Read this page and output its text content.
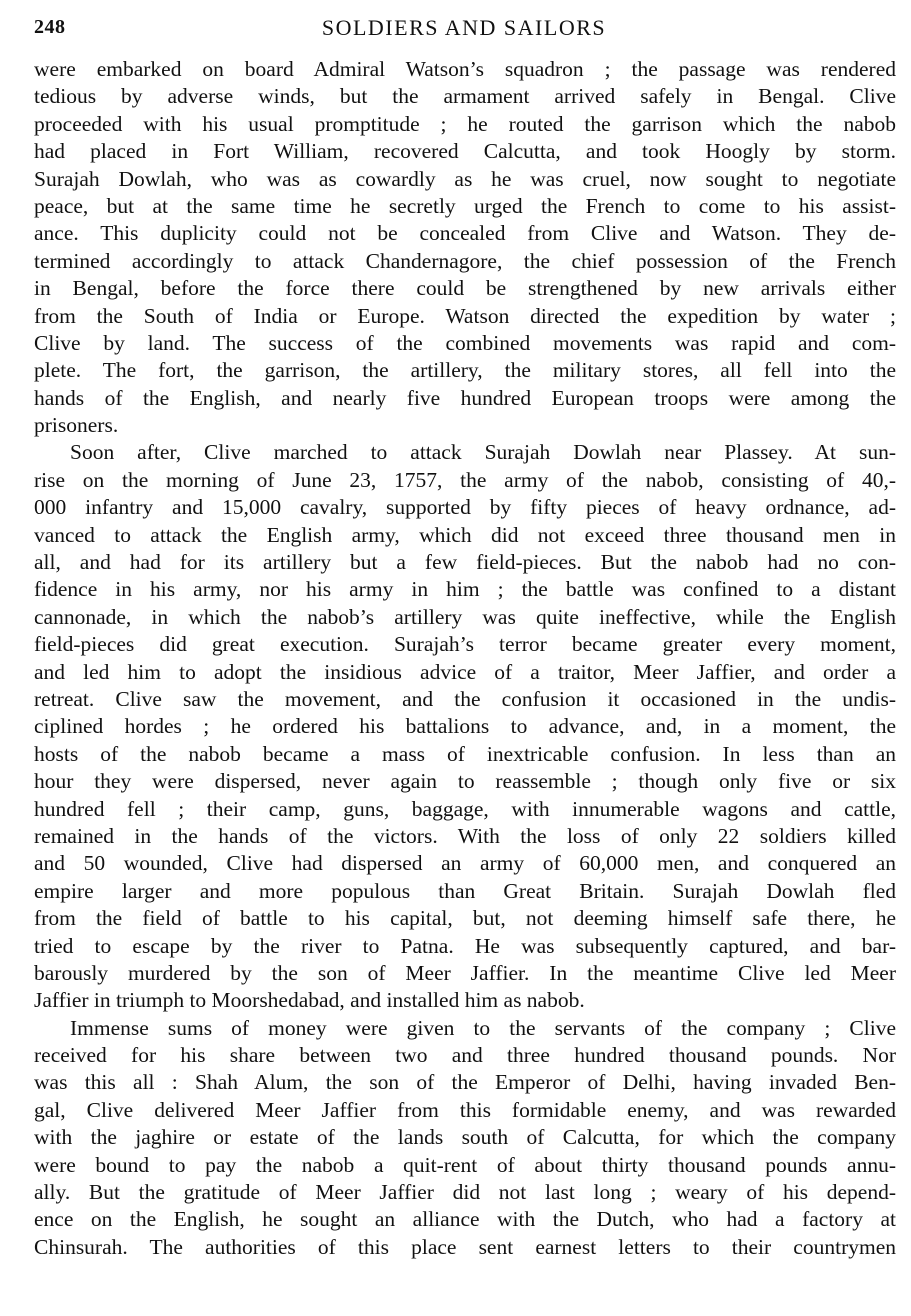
248	SOLDIERS AND SAILORS
were embarked on board Admiral Watson’s squadron ; the passage was rendered
tedious by adverse winds, but the armament arrived safely in Bengal. Clive
proceeded with his usual promptitude ; he routed the garrison which the nabob
had placed in Fort William, recovered Calcutta, and took Hoogly by storm.
Surajah Dowlah, who was as cowardly as he was cruel, now sought to negotiate
peace, but at the same time he secretly urged the French to come to his assist-
ance. This duplicity could not be concealed from Clive and Watson. They de-
termined accordingly to attack Chandernagore, the chief possession of the French
in Bengal, before the force there could be strengthened by new arrivals either
from the South of India or Europe. Watson directed the expedition by water ;
Clive by land. The success of the combined movements was rapid and com-
plete. The fort, the garrison, the artillery, the military stores, all fell into the
hands of the English, and nearly five hundred European troops were among the
prisoners.
Soon after, Clive marched to attack Surajah Dowlah near Plassey. At sun-
rise on the morning of June 23, 1757, the army of the nabob, consisting of 40,-
000 infantry and 15,000 cavalry, supported by fifty pieces of heavy ordnance, ad-
vanced to attack the English army, which did not exceed three thousand men in
all, and had for its artillery but a few field-pieces. But the nabob had no con-
fidence in his army, nor his army in him ; the battle was confined to a distant
cannonade, in which the nabob’s artillery was quite ineffective, while the English
field-pieces did great execution. Surajah’s terror became greater every moment,
and led him to adopt the insidious advice of a traitor, Meer Jaffier, and order a
retreat. Clive saw the movement, and the confusion it occasioned in the undis-
ciplined hordes ; he ordered his battalions to advance, and, in a moment, the
hosts of the nabob became a mass of inextricable confusion. In less than an
hour they were dispersed, never again to reassemble ; though only five or six
hundred fell ; their camp, guns, baggage, with innumerable wagons and cattle,
remained in the hands of the victors. With the loss of only 22 soldiers killed
and 50 wounded, Clive had dispersed an army of 60,000 men, and conquered an
empire larger and more populous than Great Britain. Surajah Dowlah fled
from the field of battle to his capital, but, not deeming himself safe there, he
tried to escape by the river to Patna. He was subsequently captured, and bar-
barously murdered by the son of Meer Jaffier. In the meantime Clive led Meer
Jaffier in triumph to Moorshedabad, and installed him as nabob.
Immense sums of money were given to the servants of the company ; Clive
received for his share between two and three hundred thousand pounds. Nor
was this all : Shah Alum, the son of the Emperor of Delhi, having invaded Ben-
gal, Clive delivered Meer Jaffier from this formidable enemy, and was rewarded
with the jaghire or estate of the lands south of Calcutta, for which the company
were bound to pay the nabob a quit-rent of about thirty thousand pounds annu-
ally. But the gratitude of Meer Jaffier did not last long ; weary of his depend-
ence on the English, he sought an alliance with the Dutch, who had a factory at
Chinsurah. The authorities of this place sent earnest letters to their countrymen
